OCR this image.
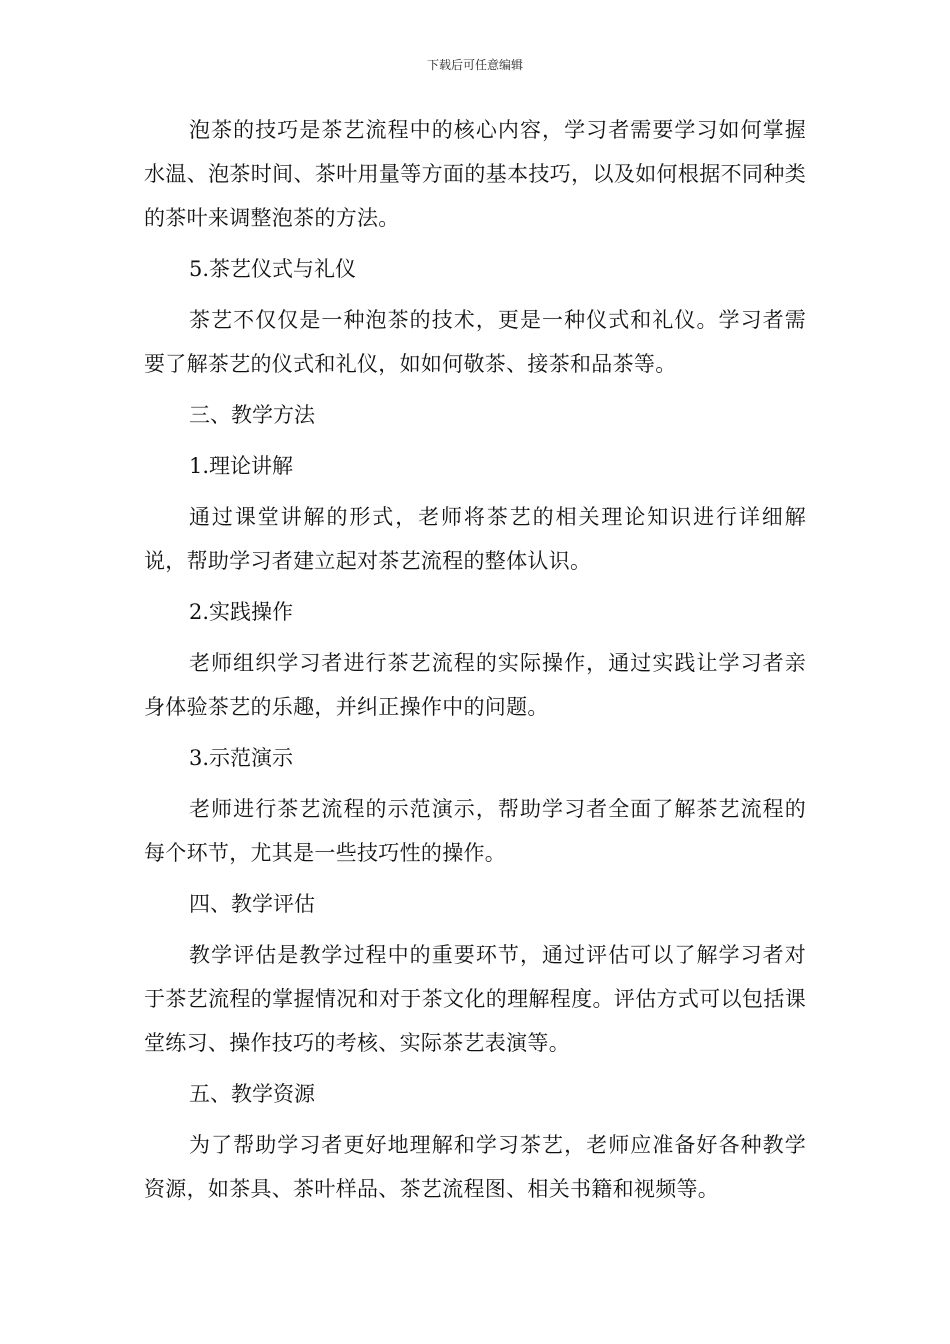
下载后可任意编辑

泡茶的技巧是茶艺流程中的核心内容，学习者需要学习如何掌握水温、泡茶时间、茶叶用量等方面的基本技巧，以及如何根据不同种类的茶叶来调整泡茶的方法。

5.茶艺仪式与礼仪

茶艺不仅仅是一种泡茶的技术，更是一种仪式和礼仪。学习者需要了解茶艺的仪式和礼仪，如如何敬茶、接茶和品茶等。

三、教学方法

1.理论讲解

通过课堂讲解的形式，老师将茶艺的相关理论知识进行详细解说，帮助学习者建立起对茶艺流程的整体认识。

2.实践操作

老师组织学习者进行茶艺流程的实际操作，通过实践让学习者亲身体验茶艺的乐趣，并纠正操作中的问题。

3.示范演示

老师进行茶艺流程的示范演示，帮助学习者全面了解茶艺流程的每个环节，尤其是一些技巧性的操作。

四、教学评估

教学评估是教学过程中的重要环节，通过评估可以了解学习者对于茶艺流程的掌握情况和对于茶文化的理解程度。评估方式可以包括课堂练习、操作技巧的考核、实际茶艺表演等。

五、教学资源

为了帮助学习者更好地理解和学习茶艺，老师应准备好各种教学资源，如茶具、茶叶样品、茶艺流程图、相关书籍和视频等。
